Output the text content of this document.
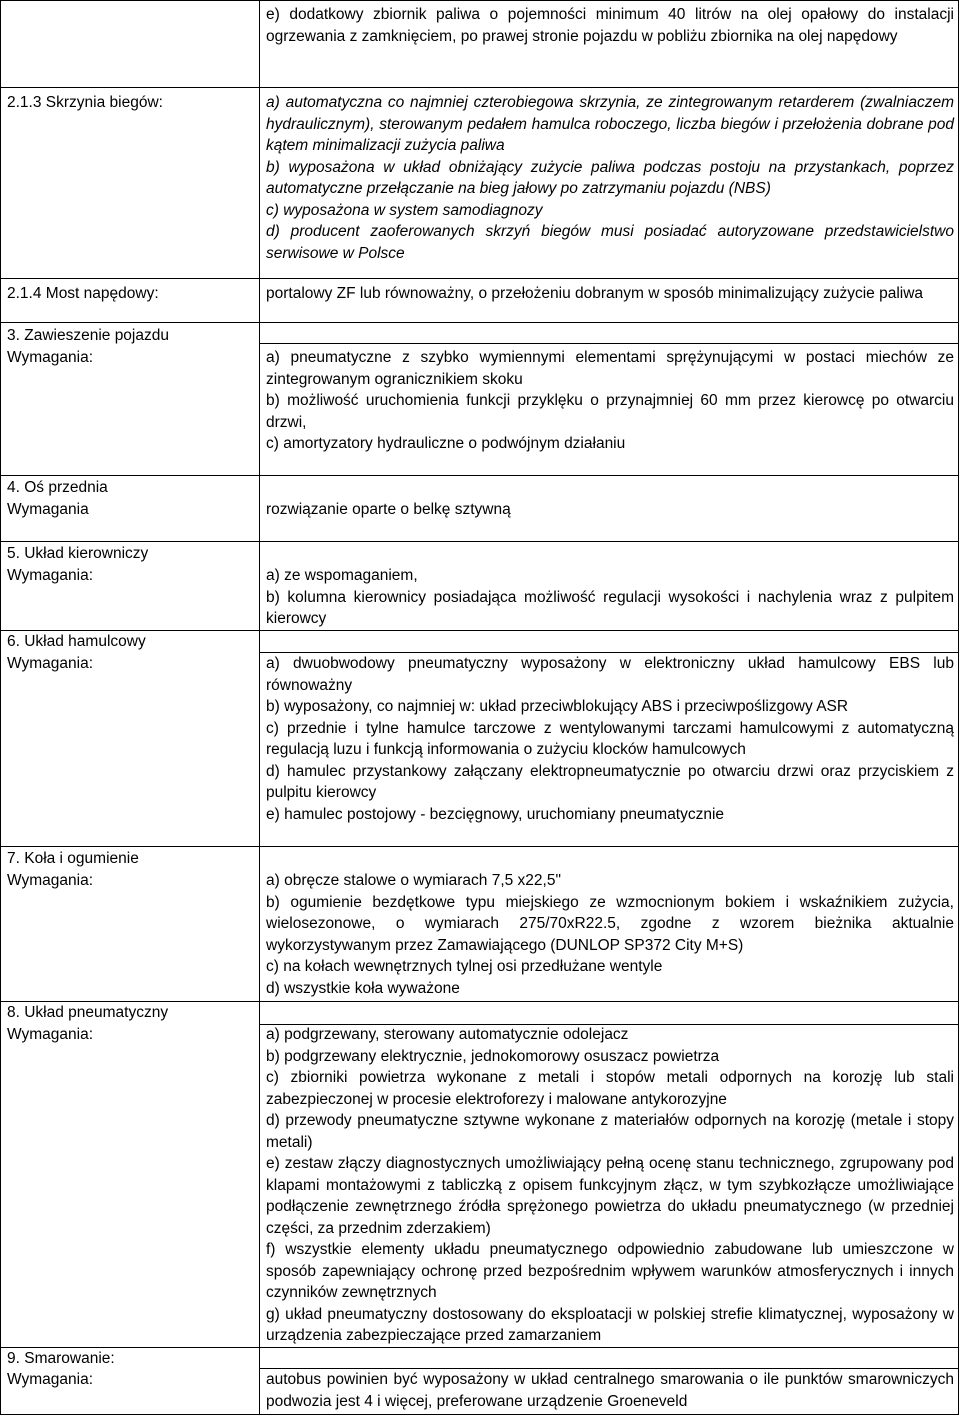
e) dodatkowy zbiornik paliwa o pojemności minimum 40 litrów na olej opałowy do instalacji ogrzewania z zamknięciem, po prawej stronie pojazdu w pobliżu zbiornika na olej napędowy

2.1.3 Skrzynia biegów:	a) automatyczna co najmniej czterobiegowa skrzynia, ze zintegrowanym retarderem (zwalniaczem hydraulicznym), sterowanym pedałem hamulca roboczego, liczba biegów i przełożenia dobrane pod kątem minimalizacji zużycia paliwa

b) wyposażona w układ obniżający zużycie paliwa podczas postoju na przystankach, poprzez automatyczne przełączanie na bieg jałowy po zatrzymaniu pojazdu (NBS)

c) wyposażona w system samodiagnozy

d) producent zaoferowanych skrzyń biegów musi posiadać autoryzowane przedstawicielstwo serwisowe w Polsce

2.1.4 Most napędowy:	portalowy ZF lub równoważny, o przełożeniu dobranym w sposób minimalizujący zużycie paliwa

3. Zawieszenie pojazdu
Wymagania:	a) pneumatyczne z szybko wymiennymi elementami sprężynującymi w postaci miechów ze zintegrowanym ogranicznikiem skoku

b) możliwość uruchomienia funkcji przyklęku o przynajmniej 60 mm przez kierowcę po otwarciu drzwi,

c) amortyzatory hydrauliczne o podwójnym działaniu

4. Oś przednia
Wymagania	rozwiązanie oparte o belkę sztywną

5. Układ kierowniczy
Wymagania:	a) ze wspomaganiem,

b) kolumna kierownicy posiadająca możliwość regulacji wysokości i nachylenia wraz z pulpitem kierowcy

6. Układ hamulcowy
Wymagania:	a) dwuobwodowy pneumatyczny wyposażony w elektroniczny układ hamulcowy EBS lub równoważny

b) wyposażony, co najmniej w: układ przeciwblokujący ABS i przeciwpoślizgowy ASR

c) przednie i tylne hamulce tarczowe z wentylowanymi tarczami hamulcowymi z automatyczną regulacją luzu i funkcją informowania o zużyciu klocków hamulcowych

d) hamulec przystankowy załączany elektropneumatycznie po otwarciu drzwi oraz przyciskiem z pulpitu kierowcy

e) hamulec postojowy - bezcięgnowy, uruchomiany pneumatycznie

7. Koła i ogumienie
Wymagania:	a) obręcze stalowe o wymiarach 7,5 x22,5"

b) ogumienie bezdętkowe typu miejskiego ze wzmocnionym bokiem i wskaźnikiem zużycia, wielosezonowe, o wymiarach 275/70xR22.5, zgodne z wzorem bieżnika aktualnie wykorzystywanym przez Zamawiającego (DUNLOP SP372 City M+S)

c) na kołach wewnętrznych tylnej osi przedłużane wentyle

d) wszystkie koła wyważone

8. Układ pneumatyczny
Wymagania:	a) podgrzewany, sterowany automatycznie odolejacz

b) podgrzewany elektrycznie, jednokomorowy osuszacz powietrza

c) zbiorniki powietrza wykonane z metali i stopów metali odpornych na korozję lub stali zabezpieczonej w procesie elektroforezy i malowane antykorozyjne

d) przewody pneumatyczne sztywne wykonane z materiałów odpornych na korozję (metale i stopy metali)

e) zestaw złączy diagnostycznych umożliwiający pełną ocenę stanu technicznego, zgrupowany pod klapami montażowymi z tabliczką z opisem funkcyjnym złącz, w tym szybkozłącze umożliwiające podłączenie zewnętrznego źródła sprężonego powietrza do układu pneumatycznego (w przedniej części, za przednim zderzakiem)

f) wszystkie elementy układu pneumatycznego odpowiednio zabudowane lub umieszczone w sposób zapewniający ochronę przed bezpośrednim wpływem warunków atmosferycznych i innych czynników zewnętrznych

g) układ pneumatyczny dostosowany do eksploatacji w polskiej strefie klimatycznej, wyposażony w urządzenia zabezpieczające przed zamarzaniem

9. Smarowanie:
Wymagania:	autobus powinien być wyposażony w układ centralnego smarowania o ile punktów smarowniczych podwozia jest 4 i więcej, preferowane urządzenie Groeneveld
